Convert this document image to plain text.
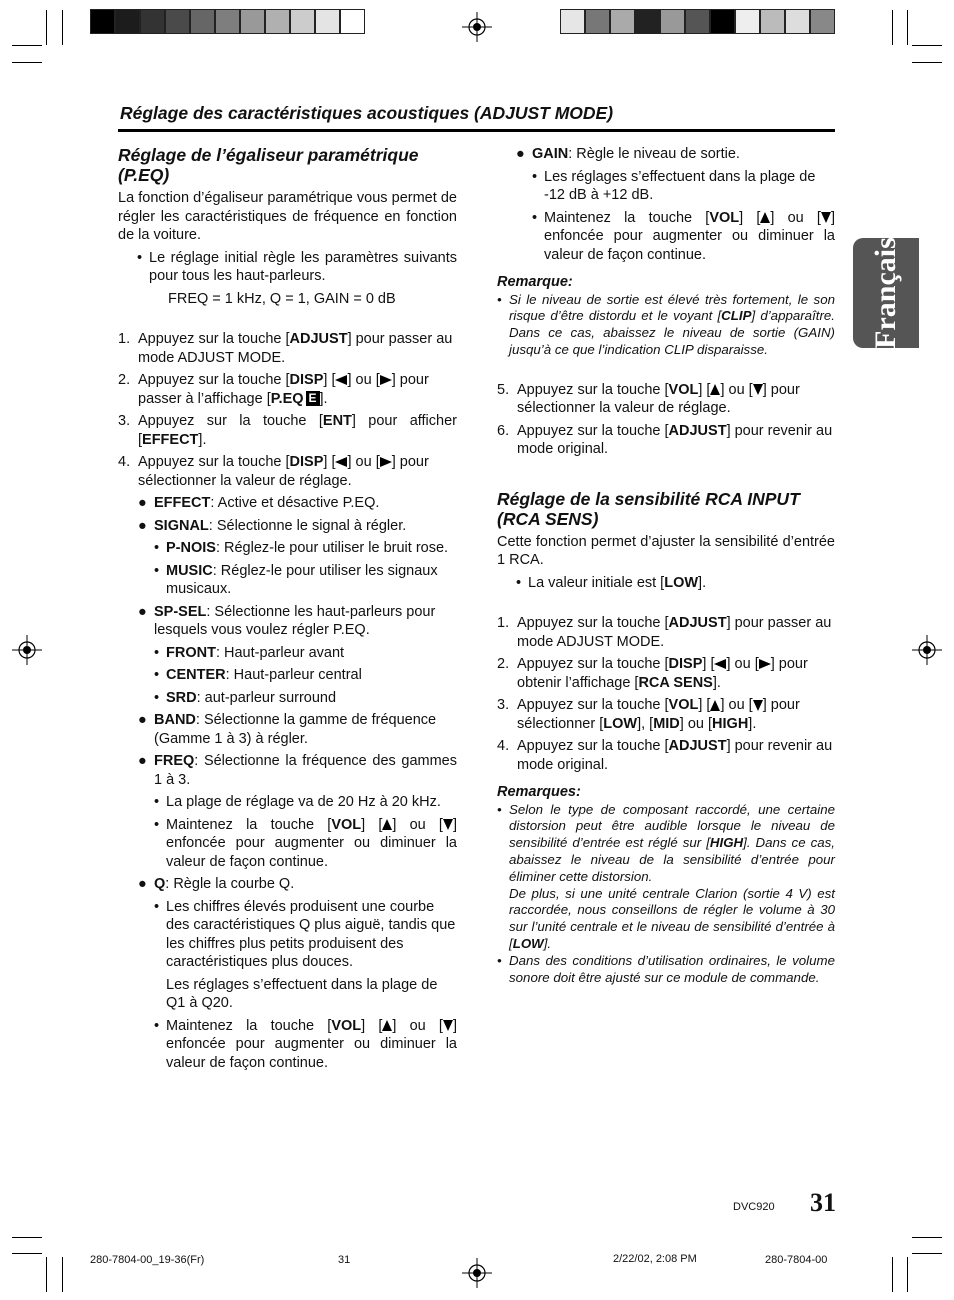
Réglage des caractéristiques acoustiques (ADJUST MODE)
Français
Réglage de l’égaliseur paramétrique (P.EQ)

La fonction d’égaliseur paramétrique vous permet de régler les caractéristiques de fréquence en fonction de la voiture.

• Le réglage initial règle les paramètres suivants pour tous les haut-parleurs.

FREQ = 1 kHz, Q = 1, GAIN = 0 dB

1. Appuyez sur la touche [ADJUST] pour passer au mode ADJUST MODE.
2. Appuyez sur la touche [DISP] [ ] ou [ ] pour passer à l’affichage [P.EQ E ].
3. Appuyez sur la touche [ENT] pour afficher [EFFECT].
4. Appuyez sur la touche [DISP] [ ] ou [ ] pour sélectionner la valeur de réglage.
● EFFECT: Active et désactive P.EQ.
● SIGNAL: Sélectionne le signal à régler.
• P-NOIS: Réglez-le pour utiliser le bruit rose.
• MUSIC: Réglez-le pour utiliser les signaux musicaux.
● SP-SEL: Sélectionne les haut-parleurs pour lesquels vous voulez régler P.EQ.
• FRONT: Haut-parleur avant
• CENTER: Haut-parleur central
• SRD: aut-parleur surround
● BAND: Sélectionne la gamme de fréquence (Gamme 1 à 3) à régler.
● FREQ: Sélectionne la fréquence des gammes 1 à 3.
• La plage de réglage va de 20 Hz à 20 kHz.
• Maintenez la touche [VOL] [ ] ou [ ] enfoncée pour augmenter ou diminuer la valeur de façon continue.
● Q: Règle la courbe Q.
• Les chiffres élevés produisent une courbe des caractéristiques Q plus aiguë, tandis que les chiffres plus petits produisent des caractéristiques plus douces.

Les réglages s’effectuent dans la plage de Q1 à Q20.

• Maintenez la touche [VOL] [ ] ou [ ] enfoncée pour augmenter ou diminuer la valeur de façon continue.
● GAIN: Règle le niveau de sortie.
• Les réglages s’effectuent dans la plage de -12 dB à +12 dB.
• Maintenez la touche [VOL] [ ] ou [ ] enfoncée pour augmenter ou diminuer la valeur de façon continue.
Remarque:
• Si le niveau de sortie est élevé très fortement, le son risque d’être distordu et le voyant [CLIP] d’apparaître. Dans ce cas, abaissez le niveau de sortie (GAIN) jusqu’à ce que l’indication CLIP disparaisse.
5. Appuyez sur la touche [VOL] [ ] ou [ ] pour sélectionner la valeur de réglage.
6. Appuyez sur la touche [ADJUST] pour revenir au mode original.
Réglage de la sensibilité RCA INPUT (RCA SENS)

Cette fonction permet d’ajuster la sensibilité d’entrée 1 RCA.

• La valeur initiale est [LOW].
1. Appuyez sur la touche [ADJUST] pour passer au mode ADJUST MODE.
2. Appuyez sur la touche [DISP] [ ] ou [ ] pour obtenir l’affichage [RCA SENS].
3. Appuyez sur la touche [VOL] [ ] ou [ ] pour sélectionner [LOW], [MID] ou [HIGH].
4. Appuyez sur la touche [ADJUST] pour revenir au mode original.
Remarques:
• Selon le type de composant raccordé, une certaine distorsion peut être audible lorsque le niveau de sensibilité d’entrée est réglé sur [HIGH]. Dans ce cas, abaissez le niveau de la sensibilité d’entrée pour éliminer cette distorsion.
De plus, si une unité centrale Clarion (sortie 4 V) est raccordée, nous conseillons de régler le volume à 30 sur l’unité centrale et le niveau de sensibilité d’entrée à [LOW].
• Dans des conditions d’utilisation ordinaires, le volume sonore doit être ajusté sur ce module de commande.
DVC920 31
280-7804-00_19-36(Fr)	31	2/22/02, 2:08 PM	280-7804-00
